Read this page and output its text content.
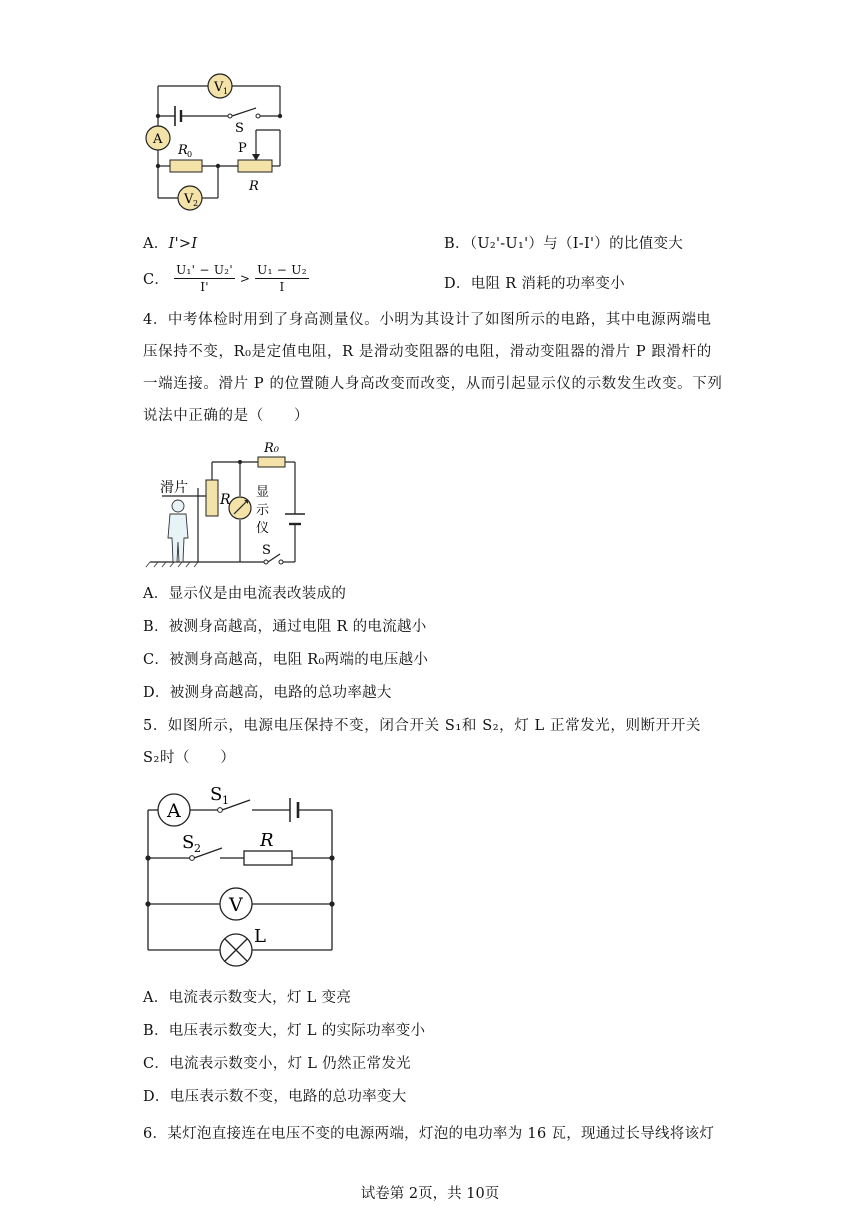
V 1
A
V 2
S
R 0	P
R
A．I'>I	B．（U₂'-U₁'）与（I-I'）的比值变大
C． $\frac{\text{U₁' − U₂'}}{I'} > \frac{\text{U₁ − U₂}}{I}$	D．电阻 R 消耗的功率变小
4．中考体检时用到了身高测量仪。小明为其设计了如图所示的电路，其中电源两端电压保持不变，R₀是定值电阻，R 是滑动变阻器的电阻，滑动变阻器的滑片 P 跟滑杆的一端连接。滑片 P 的位置随人身高改变而改变，从而引起显示仪的示数发生改变。下列说法中正确的是（　　）
滑片
R
R₀
显
示
仪
S
A．显示仪是由电流表改装成的
B．被测身高越高，通过电阻 R 的电流越小
C．被测身高越高，电阻 R₀两端的电压越小
D．被测身高越高，电路的总功率越大
5．如图所示，电源电压保持不变，闭合开关 S₁和 S₂，灯 L 正常发光，则断开开关 S₂时（　　）
A
S 1
S 2	R
V
L
A．电流表示数变大，灯 L 变亮
B．电压表示数变大，灯 L 的实际功率变小
C．电流表示数变小，灯 L 仍然正常发光
D．电压表示数不变，电路的总功率变大
6．某灯泡直接连在电压不变的电源两端，灯泡的电功率为 16 瓦，现通过长导线将该灯
试卷第 2页，共 10页
